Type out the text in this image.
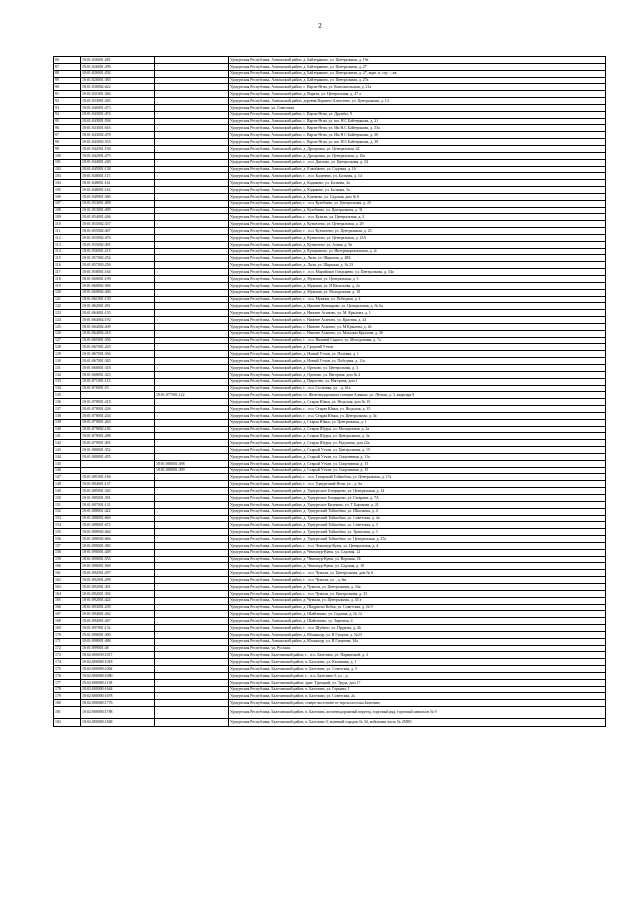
2
86	18:01:026001:281		Удмуртская Республика, Алнашский район, д. Байтеряково, ул. Центральная, д. 19а
87	18:01:026001:290		Удмуртская Республика, Алнашский район, д. Байтеряково, ул. Центральная, д. 27
88	18:01:026001:292		Удмуртская Республика, Алнашский район, д. Байтеряково, ул. Центральная, д. 27, корп. в, стр. -, кв.
89	18:01:026001:383		Удмуртская Республика, Алнашский район, д. Байтеряково, ул. Центральная, д. 27а
90	18:01:030002:622		Удмуртская Республика, Алнашский район, с. Варзи-Ятчи, ул. Комсомольская, д. 21а
91	18:01:031001:384		Удмуртская Республика, Алнашский район, д. Варали, ул. Центральная, д. 47 а
92	18:01:033001:283		Удмуртская Республика, Алнашский район, деревня Варзинo-Алексеево, ул. Центральная, д. 14
93	18:01:040001:473		Удмуртская Республика, ул. Советская
94	18:01:043001:474		Удмуртская Республика, Алнашский район, с. Варзи-Ятчи, ул. Дружбы, 9
95	18:01:043001:594		Удмуртская Республика, Алнашский район, с. Варзи-Ятчи, ул. им. Н.С Байтерякова, д. 21
96	18:01:043001:616		Удмуртская Республика, Алнашский район, с. Варзи-Ятчи, ул. Им Н.С Байтерякова, д. 33а
97	18:01:043002:478		Удмуртская Республика, Алнашский район, с. Варзи-Ятчи, ул. Им Н С Байтерякова, д. 30
98	18:01:043002:533		Удмуртская Республика, Алнашский район, с. Варзи-Ятчи, ул. им. Н.С Байтерякова, д. 38
99	18:01:042001:194		Удмуртская Республика, Алнашский район, д. Дроздовка, ул. Центральная, 42
100	18:01:042001:279		Удмуртская Республика, Алнашский район, д. Дроздовка, ул. Центральная, д. 10а
101	18:01:044001:240		Удмуртская Республика, Алнашский район, г. , н.п. Дятлово, ул. Центральная, д. 24
102	18:01:045001:138		Удмуртская Республика, Алнашский район, д. Ёлкибаево, ул. Садовая, д. 16
103	18:01:048001:115		Удмуртская Республика, Алнашский район, г. , н.п. Каденево, ул. Больная, д. 14
104	18:01:048001:161		Удмуртская Республика, Алнашский район, д. Кадиково, ул. Больная, 3а
105	18:01:048001:162		Удмуртская Республика, Алнашский район, д. Кадиково, ул. Больная, 3а
106	18:01:049001:360		Удмуртская Республика, Алнашский район, д. Казаково, ул. Садовая, дом № 6
107	18:01:053001:498		Удмуртская Республика, Алнашский район, г. , н.п. Кузебаево, ул. Центральная, д. 25
108	18:01:053001:499		Удмуртская Республика, Алнашский район, д. Кузебаево, ул. Центральная, д. 31
109	18:01:054001:246		Удмуртская Республика, Алнашский район, г. , н.п. Кузили, ул. Центральная, д. 2
110	18:01:055002:337		Удмуртская Республика, Алнашский район, д. Кузмелево, ул. Центральная, д. 29
111	18:01:055002:407		Удмуртская Республика, Алнашский район, г. , н.п. Кузмелево, ул. Центральная, д. 23
112	18:01:055002:476		Удмуртская Республика, Алнашский район, д. Кузмелево, ул. Центральная, д. 23А
113	18:01:055002:491		Удмуртская Республика, Алнашский район, д. Кузмелево, ул. Азина, д. 9а
114	18:01:056001:215		Удмуртская Республика, Алнашский район, д. Кучеряновo, ул. Интернациональная, д. 2г
115	18:01:057002:252		Удмуртская Республика, Алнашский район, д. Ляли, ул. Широкая, д. 48Б
116	18:01:057003:256		Удмуртская Республика, Алнашский район, д. Ляли, ул. Широкая, д. № 23
117	18:01:058001:164		Удмуртская Республика, Алнашский район, г. , н.п. Марийские Гондырево, ул. Центральная, д. 34а
118	18:01:060001:199		Удмуртская Республика, Алнашский район, д. Мукшин, ул. Центральная, д. 3
119	18:01:060002:306		Удмуртская Республика, Алнашский район, д. Мукшин, ул. Н Васильева, д. 2а
120	18:01:060002:406		Удмуртская Республика, Алнашский район, д. Мукшин, ул. Молодежная, д. 10
121	18:01:061001:139		Удмуртская Республика, Алнашский район, г. , н.п. Муважи, ул. Победная, д. 4
122	18:01:062001:291		Удмуртская Республика, Алнашский район, д. Нижнее Котныраво, ул. Центральная, д. № 6а
123	18:01:064001:135		Удмуртская Республика, Алнашский район, д. Нижнее Асаново, ул. М. Крылова, д. 1
124	18:01:064002:192		Удмуртская Республика, Алнашский район, с. Нижнее Асаново, ул. Красноя, д. 24
125	18:01:064002:209		Удмуртская Республика, Алнашский район, с. Нижнее Асаново, ул. М Крылова, д. 26
126	18:01:064002:218		Удмуртская Республика, Алнашский район, с. Нижнее Асаново, ул. Максима Крылова, д. 26
127	18:01:065001:356		Удмуртская Республика, Алнашский район, г. , н.п. Нижний Сырьез, ул. Молодежная, д. 7а
128	18:01:067001:225		Удмуртская Республика, Алнашский район, д. Средний Утчан
129	18:01:067001:336		Удмуртская Республика, Алнашский район, д. Новый Утчан, ул. Полевая, д. 1
130	18:01:067001:345		Удмуртская Республика, Алнашский район, д. Новый Утчан, ул. Победная, д. 11а
131	18:01:068001:318		Удмуртская Республика, Алнашский район, д. Орехово, ул. Центральная, д. 3
132	18:01:068001:323		Удмуртская Республика, Алнашский район, д. Орехово, ул. Нагорная, дом № 2
133	18:01:071001:113		Удмуртская Республика, Алнашский район, д. Пирогово, ул. Нагорная, дом 1
134	18:01:076001:53		Удмуртская Республика, Алнашский район, г. , н.п. Сосновка, ул. , д. 61а
135		18:01:077001:122	Удмуртская Республика, Алнашский район, ст. Железнодорожная станция Алнаши, ул. Лесная, д. 3, квартира 9
136	18:01:078001:218		Удмуртская Республика, Алнашский район, д. Старая Юмья, ул. Ягодская, дом № 15
137	18:01:078001:226		Удмуртская Республика, Алнашский район, г. , н.п. Старая Юмья, ул. Ягодская, д. 15
138	18:01:078001:234		Удмуртская Республика, Алнашский район, г. , н.п. Старая Юмья, ул. Центральная, д. 3а
139	18:01:079001:263		Удмуртская Республика, Алнашский район, д. Старая Юмья, ул. Центральная, д. 1
140	18:01:079002:182		Удмуртская Республика, Алнашский район, д. Старая Шудья, ул. Молодежная, д. 2а
141	18:01:079001:288		Удмуртская Республика, Алнашский район, д. Старая Шудья, ул. Центральная, д. 3а
142	18:01:079001:491		Удмуртская Республика, Алнашский район, д. Старая Шудья, ул. Радужная, дом 22а
143	18:01:080001:352		Удмуртская Республика, Алнашский район, д. Старый Утчан, ул. Центральная, д. 15
144	18:01:080001:455		Удмуртская Республика, Алнашский район, д. Старый Утчан, ул. Спортивная, д. 11а
145		18:01:080001:498	Удмуртская Республика, Алнашский район, д. Старый Утчан, ул. Спортивная, д. 15
146		18:01:080001:499	Удмуртская Республика, Алнашский район, д. Старый Утчан, ул. Спортивная, д. 15
147	18:01:081001:166		Удмуртская Республика, Алнашский район, г. , н.п. Татарский Тоймобаш, ул. Центральная, д. 17а
148	18:01:084001:137		Удмуртская Республика, Алнашский район, г. , н.п. Удмуртский Ятчи, ул. , д. 6а
149	18:01:085001:345		Удмуртская Республика, Алнашский район, д. Удмуртское Гондырево, ул. Центральная, д. 14
150	18:01:085001:391		Удмуртская Республика, Алнашский район, д. Удмуртское Гондырево, ул. Гагарина, д. 7А
151	18:01:087001:131		Удмуртская Республика, Алнашский район, д. Удмуртское Кизеково, ул. Т Баранова, д. 21
152	18:01:088001:422		Удмуртская Республика, Алнашский район, д. Удмуртский Тоймобаш, ул. Школьная, д. 4
153	18:01:088001:660		Удмуртская Республика, Алнашский район, д. Удмуртский Тоймобаш, ул. Советская, д. 4а
154	18:01:088001:672		Удмуртская Республика, Алнашский район, д. Удмуртский Тоймобаш, ул. Советская, д. 3
155	18:01:088002:464		Удмуртская Республика, Алнашский район, д. Удмуртский Тоймобаш, ул. Трактовая, д. 3
156	18:01:088002:666		Удмуртская Республика, Алнашский район, д. Удмуртский Тоймобаш, ул. Центральная, д. 27а
157	18:01:090001:382		Удмуртская Республика, Алнашский район, г. , н.п. Чемошур-Куюк, ул. Центральная, д. 4
158	18:01:090001:449		Удмуртская Республика, Алнашский район, д. Чемошур-Куюк, ул. Садовая, 12
159	18:01:090001:553		Удмуртская Республика, Алнашский район, д. Чемошур-Куюк, ул. Верхняя, 1Б
160	18:01:090001:569		Удмуртская Республика, Алнашский район, д. Чемошур-Куюк, ул. Садовая, д. 10
161	18:01:092001:297		Удмуртская Республика, Алнашский район, г. , н.п. Чумали, ул. Центральная, дом № 6
162	18:01:092001:299		Удмуртская Республика, Алнашский район, г. , н.п. Чумали, ул. , д. 6м
163	18:01:092001:301		Удмуртская Республика, Алнашский район, д. Чумали, ул. Центральная, д. 34а
164	18:01:092001:302		Удмуртская Республика, Алнашский район, г. , н.п. Чумали, ул. Центральная, д. 33
165	18:01:092001:424		Удмуртская Республика, Алнашский район, д. Чумали, ул. Центральная, д. 45 а
166	18:01:093001:239		Удмуртская Республика, Алнашский район, д. Шадриснo Кобья, ул. Советская, д. № 9
167	18:01:094001:262		Удмуртская Республика, Алнашский район, д. Шайтаново, ул. Садовая, д. № 12
168	18:01:094001:267		Удмуртская Республика, Алнашский район, д. Шайтаново, ул. Заречная, 4
169	18:01:097001:132		Удмуртская Республика, Алнашский район, г. , н.п. Шубино, ул. Прудная, д. 26
170	18:01:098001:300		Удмуртская Республика, Алнашский район, д. Юмьяшур, ул. В Гущина, д. №23
171	18:01:098001:496		Удмуртская Республика, Алнашский район, д. Юмьяшур, ул. В Гущнина, 34а
172	18:01:099001:48		Удмуртская Республика, ул. Русская
173	18:02:000039:1017		Удмуртская Республика, Балезинский район, г. , н.п. Балезино, ул. Парматовой, д. 2
174	18:02:000000:1018		Удмуртская Республика, Балезинский район, п. Балезино, ул. Калинина, д. 1
175	18:02:000000:1064		Удмуртская Республика, Балезинский район, п. Балезино, ул. Советская, д. 5
176	18:02:000000:1080		Удмуртская Республика, Балезинский район, г. , н.п. Балезино-3, ул. , д.
177	18:02:000000:1138		Удмуртская Республика, Балезинский район, ориг. Турецкий, ул. Труда, дом 17
178	18:02:000000:1644		Удмуртская Республика, Балезинский район, п. Балезино, ул. Горкина, 1
179	18:02:000000:1678		Удмуртская Республика, Балезинский район, п. Балезино, ул. Советская, 2а
180	18:02:000000:1776		Удмуртская Республика, Балезинский район, северо-восточнее от черты поселка Балезино
181	18:02:000000:1788		Удмуртская Республика, Балезинский район, п. Балезино, железнодорожный переезд, торговый ряд, торговый павильон № 9
182	18:02:000000:1848		Удмуртская Республика, Балезинский район, п. Балезино-3, военный городок № 34, войсковая часть № 25850
